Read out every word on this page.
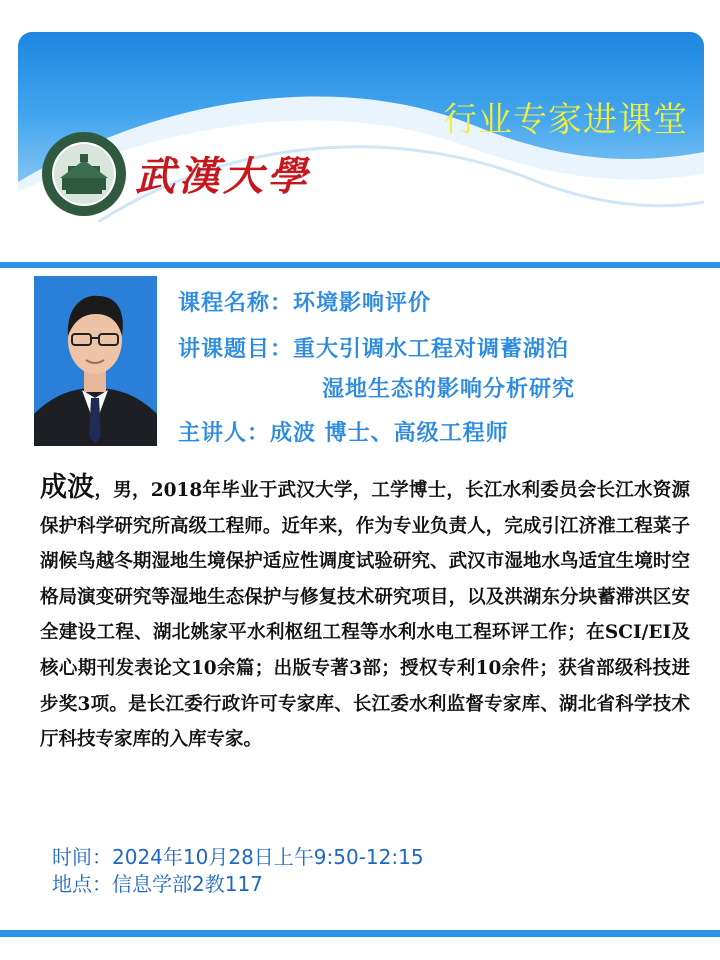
行业专家进课堂
武漢大學
课程名称：环境影响评价
讲课题目：重大引调水工程对调蓄湖泊
湿地生态的影响分析研究
主讲人：成波 博士、高级工程师
成波，男，2018年毕业于武汉大学，工学博士，长江水利委员会长江水资源保护科学研究所高级工程师。近年来，作为专业负责人，完成引江济淮工程菜子湖候鸟越冬期湿地生境保护适应性调度试验研究、武汉市湿地水鸟适宜生境时空格局演变研究等湿地生态保护与修复技术研究项目，以及洪湖东分块蓄滞洪区安全建设工程、湖北姚家平水利枢纽工程等水利水电工程环评工作；在SCI/EI及核心期刊发表论文10余篇；出版专著3部；授权专利10余件；获省部级科技进步奖3项。是长江委行政许可专家库、长江委水利监督专家库、湖北省科学技术厅科技专家库的入库专家。
时间：2024年10月28日上午9:50-12:15
地点：信息学部2教117
